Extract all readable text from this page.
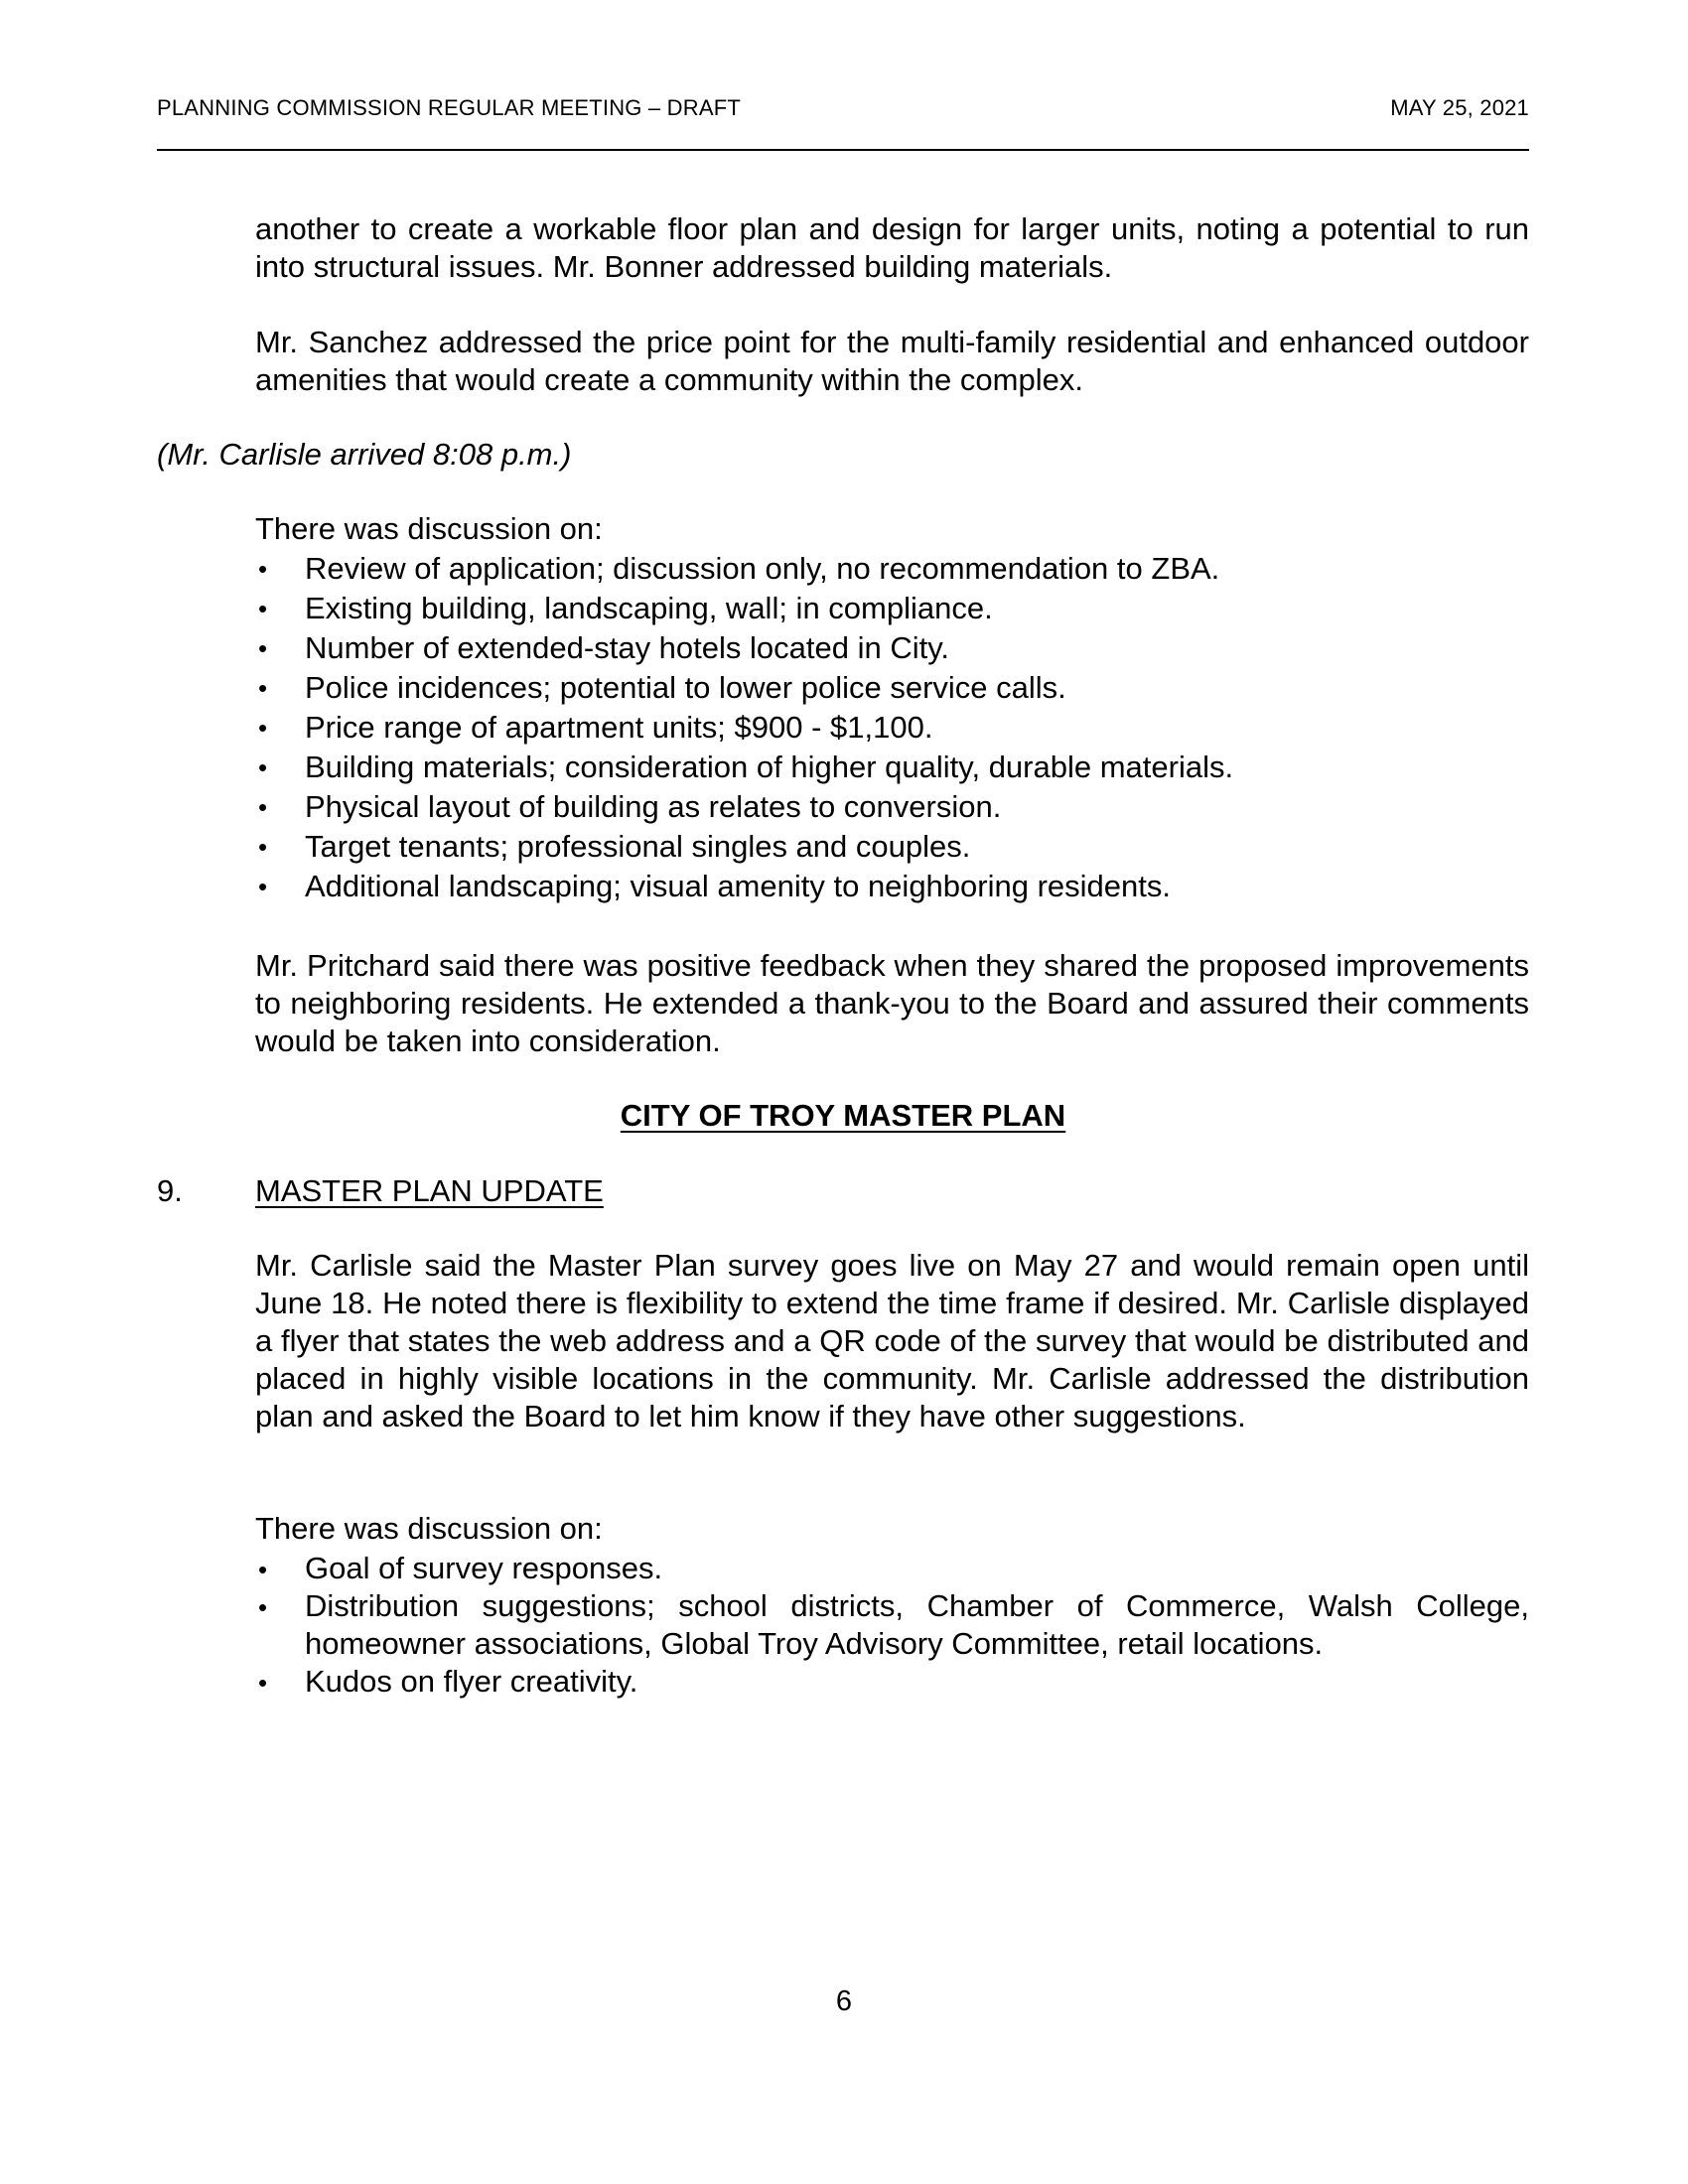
PLANNING COMMISSION REGULAR MEETING – DRAFT	MAY 25, 2021
another to create a workable floor plan and design for larger units, noting a potential to run into structural issues. Mr. Bonner addressed building materials.
Mr. Sanchez addressed the price point for the multi-family residential and enhanced outdoor amenities that would create a community within the complex.
(Mr. Carlisle arrived 8:08 p.m.)
There was discussion on:
• Review of application; discussion only, no recommendation to ZBA.
• Existing building, landscaping, wall; in compliance.
• Number of extended-stay hotels located in City.
• Police incidences; potential to lower police service calls.
• Price range of apartment units; $900 - $1,100.
• Building materials; consideration of higher quality, durable materials.
• Physical layout of building as relates to conversion.
• Target tenants; professional singles and couples.
• Additional landscaping; visual amenity to neighboring residents.
Mr. Pritchard said there was positive feedback when they shared the proposed improvements to neighboring residents. He extended a thank-you to the Board and assured their comments would be taken into consideration.
CITY OF TROY MASTER PLAN
9. MASTER PLAN UPDATE
Mr. Carlisle said the Master Plan survey goes live on May 27 and would remain open until June 18. He noted there is flexibility to extend the time frame if desired. Mr. Carlisle displayed a flyer that states the web address and a QR code of the survey that would be distributed and placed in highly visible locations in the community. Mr. Carlisle addressed the distribution plan and asked the Board to let him know if they have other suggestions.
There was discussion on:
• Goal of survey responses.
• Distribution suggestions; school districts, Chamber of Commerce, Walsh College, homeowner associations, Global Troy Advisory Committee, retail locations.
• Kudos on flyer creativity.
6
